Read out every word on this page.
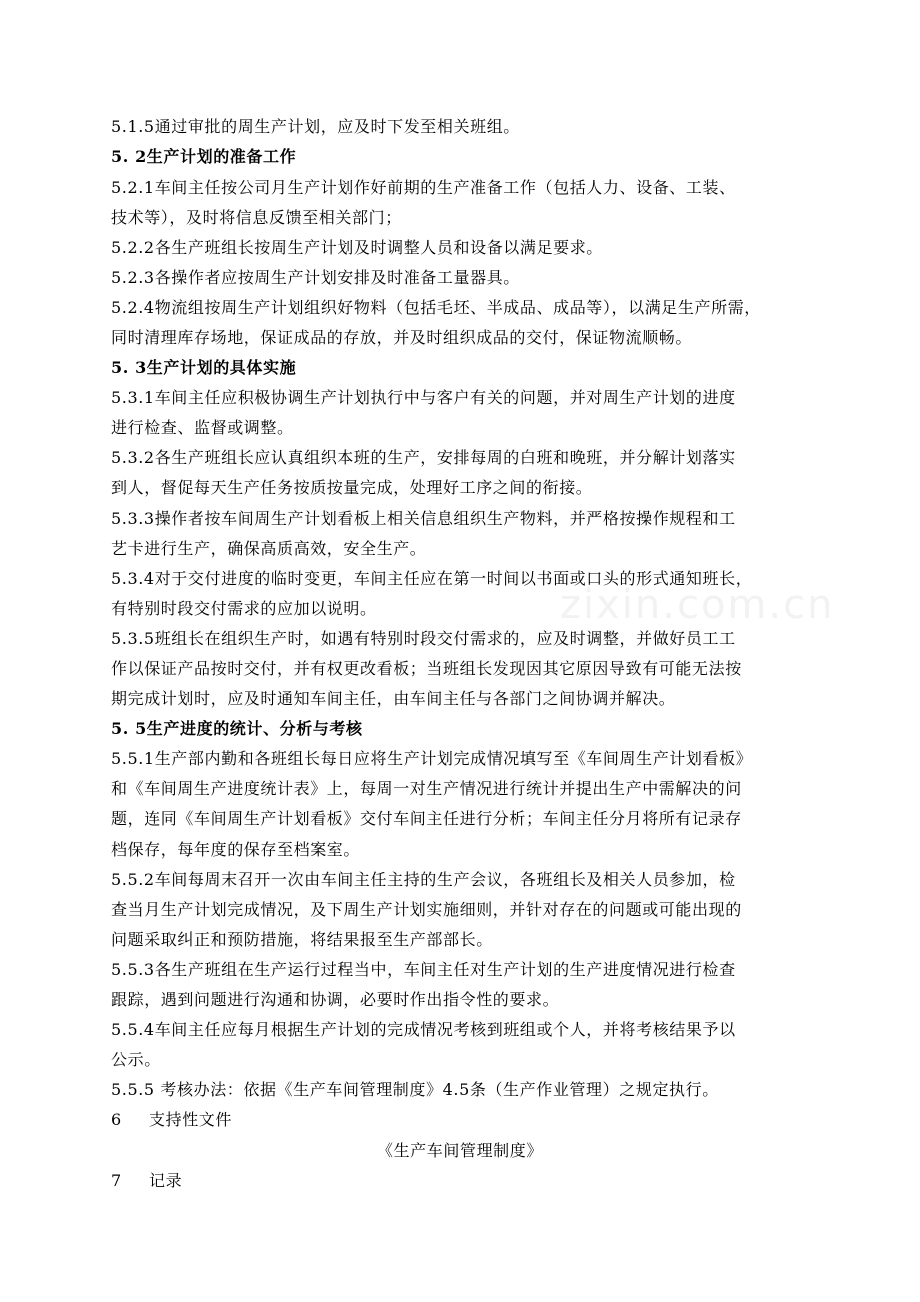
zixin.com.cn
5.1.5通过审批的周生产计划，应及时下发至相关班组。
5. 2生产计划的准备工作
5.2.1车间主任按公司月生产计划作好前期的生产准备工作（包括人力、设备、工装、
技术等），及时将信息反馈至相关部门；
5.2.2各生产班组长按周生产计划及时调整人员和设备以满足要求。
5.2.3各操作者应按周生产计划安排及时准备工量器具。
5.2.4物流组按周生产计划组织好物料（包括毛坯、半成品、成品等），以满足生产所需，
同时清理库存场地，保证成品的存放，并及时组织成品的交付，保证物流顺畅。
5. 3生产计划的具体实施
5.3.1车间主任应积极协调生产计划执行中与客户有关的问题，并对周生产计划的进度
进行检查、监督或调整。
5.3.2各生产班组长应认真组织本班的生产，安排每周的白班和晚班，并分解计划落实
到人，督促每天生产任务按质按量完成，处理好工序之间的衔接。
5.3.3操作者按车间周生产计划看板上相关信息组织生产物料，并严格按操作规程和工
艺卡进行生产，确保高质高效，安全生产。
5.3.4对于交付进度的临时变更，车间主任应在第一时间以书面或口头的形式通知班长，
有特别时段交付需求的应加以说明。
5.3.5班组长在组织生产时，如遇有特别时段交付需求的，应及时调整，并做好员工工
作以保证产品按时交付，并有权更改看板；当班组长发现因其它原因导致有可能无法按
期完成计划时，应及时通知车间主任，由车间主任与各部门之间协调并解决。
5. 5生产进度的统计、分析与考核
5.5.1生产部内勤和各班组长每日应将生产计划完成情况填写至《车间周生产计划看板》
和《车间周生产进度统计表》上，每周一对生产情况进行统计并提出生产中需解决的问
题，连同《车间周生产计划看板》交付车间主任进行分析；车间主任分月将所有记录存
档保存，每年度的保存至档案室。
5.5.2车间每周末召开一次由车间主任主持的生产会议，各班组长及相关人员参加，检
查当月生产计划完成情况，及下周生产计划实施细则，并针对存在的问题或可能出现的
问题采取纠正和预防措施，将结果报至生产部部长。
5.5.3各生产班组在生产运行过程当中，车间主任对生产计划的生产进度情况进行检查
跟踪，遇到问题进行沟通和协调，必要时作出指令性的要求。
5.5.4车间主任应每月根据生产计划的完成情况考核到班组或个人，并将考核结果予以
公示。
5.5.5 考核办法：依据《生产车间管理制度》4.5条（生产作业管理）之规定执行。
6 支持性文件
《生产车间管理制度》
7 记录
